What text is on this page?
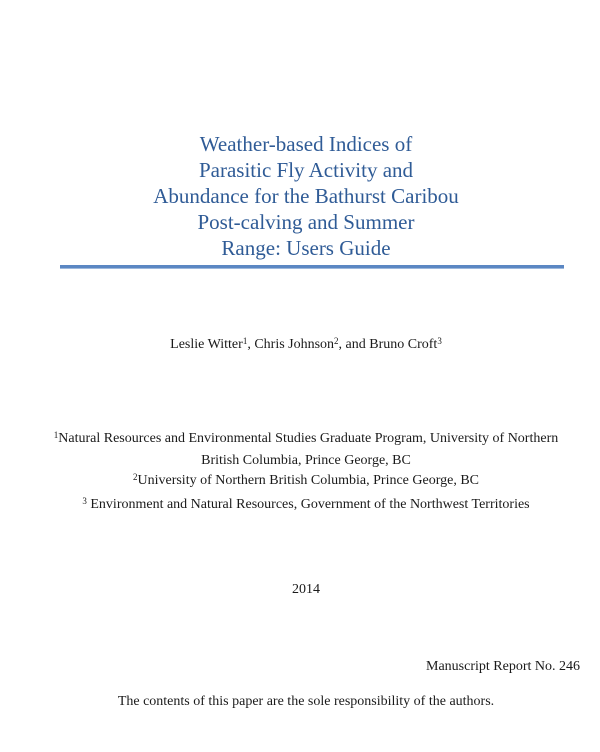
Weather-based Indices of
Parasitic Fly Activity and
Abundance for the Bathurst Caribou
Post-calving and Summer
Range: Users Guide
Leslie Witter$^1$, Chris Johnson$^2$, and Bruno Croft$^3$
$^1$Natural Resources and Environmental Studies Graduate Program, University of Northern
British Columbia, Prince George, BC
$^2$University of Northern British Columbia, Prince George, BC
$^3$ Environment and Natural Resources, Government of the Northwest Territories
2014
Manuscript Report No. 246
The contents of this paper are the sole responsibility of the authors.
